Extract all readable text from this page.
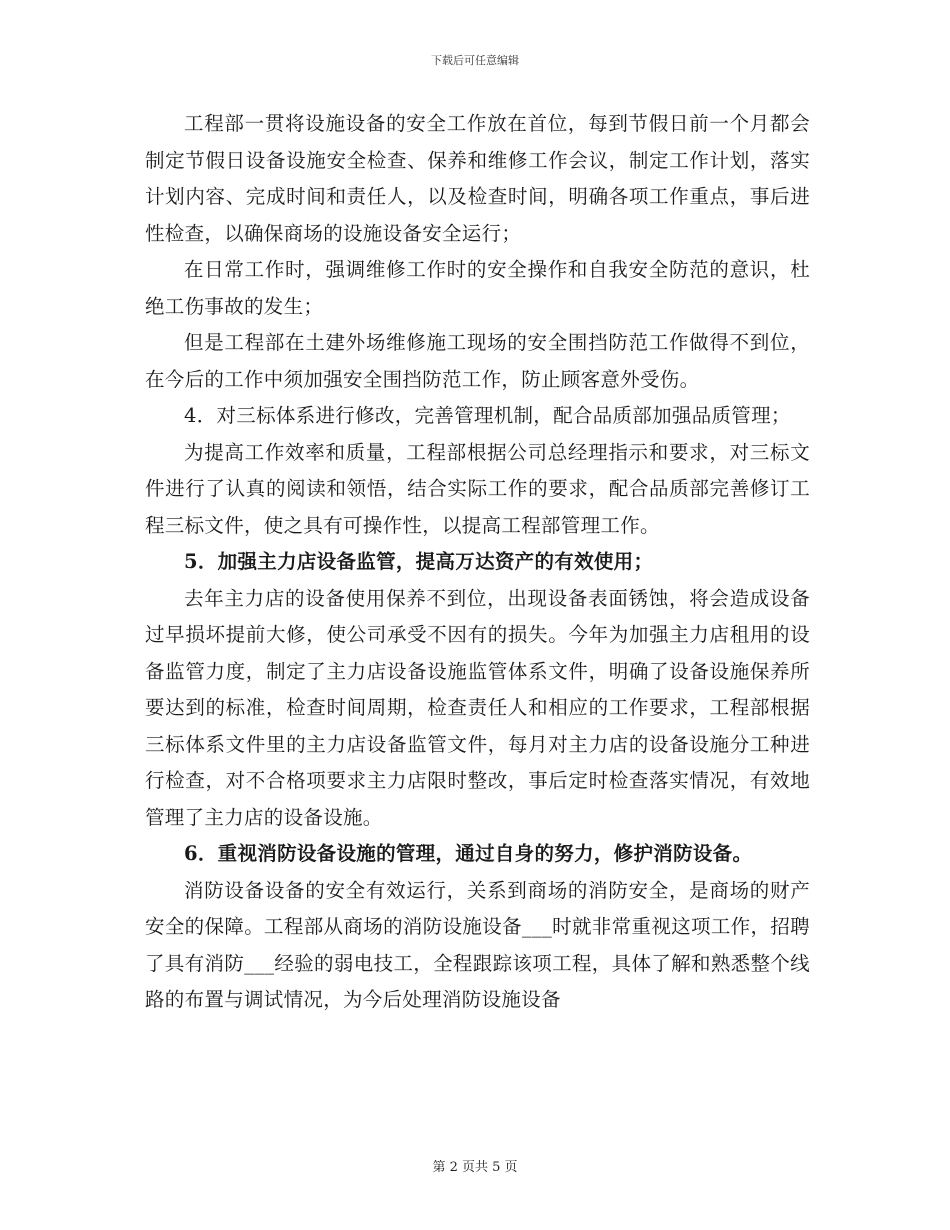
下载后可任意编辑

工程部一贯将设施设备的安全工作放在首位，每到节假日前一个月都会制定节假日设备设施安全检查、保养和维修工作会议，制定工作计划，落实计划内容、完成时间和责任人，以及检查时间，明确各项工作重点，事后进性检查，以确保商场的设施设备安全运行；

在日常工作时，强调维修工作时的安全操作和自我安全防范的意识，杜绝工伤事故的发生；

但是工程部在土建外场维修施工现场的安全围挡防范工作做得不到位，在今后的工作中须加强安全围挡防范工作，防止顾客意外受伤。

4．对三标体系进行修改，完善管理机制，配合品质部加强品质管理；

为提高工作效率和质量，工程部根据公司总经理指示和要求，对三标文件进行了认真的阅读和领悟，结合实际工作的要求，配合品质部完善修订工程三标文件，使之具有可操作性，以提高工程部管理工作。

5．加强主力店设备监管，提高万达资产的有效使用；

去年主力店的设备使用保养不到位，出现设备表面锈蚀，将会造成设备过早损坏提前大修，使公司承受不因有的损失。今年为加强主力店租用的设备监管力度，制定了主力店设备设施监管体系文件，明确了设备设施保养所要达到的标准，检查时间周期，检查责任人和相应的工作要求，工程部根据三标体系文件里的主力店设备监管文件，每月对主力店的设备设施分工种进行检查，对不合格项要求主力店限时整改，事后定时检查落实情况，有效地管理了主力店的设备设施。

6．重视消防设备设施的管理，通过自身的努力，修护消防设备。

消防设备设备的安全有效运行，关系到商场的消防安全，是商场的财产安全的保障。工程部从商场的消防设施设备___时就非常重视这项工作，招聘了具有消防___经验的弱电技工，全程跟踪该项工程，具体了解和熟悉整个线路的布置与调试情况，为今后处理消防设施设备

第 2 页共 5 页
